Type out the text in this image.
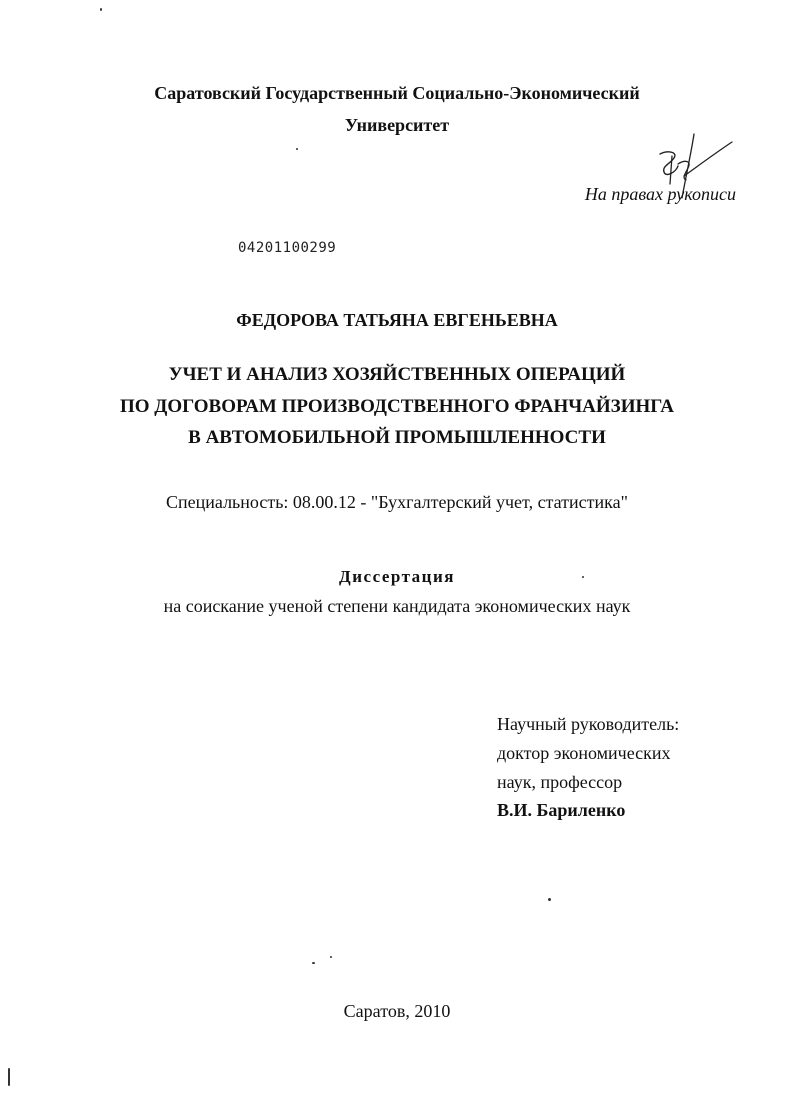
Саратовский Государственный Социально-Экономический
Университет
На правах рукописи
04201100299
ФЕДОРОВА ТАТЬЯНА ЕВГЕНЬЕВНА
УЧЕТ И АНАЛИЗ ХОЗЯЙСТВЕННЫХ ОПЕРАЦИЙ
ПО ДОГОВОРАМ ПРОИЗВОДСТВЕННОГО ФРАНЧАЙЗИНГА
В АВТОМОБИЛЬНОЙ ПРОМЫШЛЕННОСТИ
Специальность: 08.00.12 - "Бухгалтерский учет, статистика"
Диссертация
на соискание ученой степени кандидата экономических наук
Научный руководитель:
доктор экономических
наук, профессор
В.И. Бариленко
Саратов, 2010
